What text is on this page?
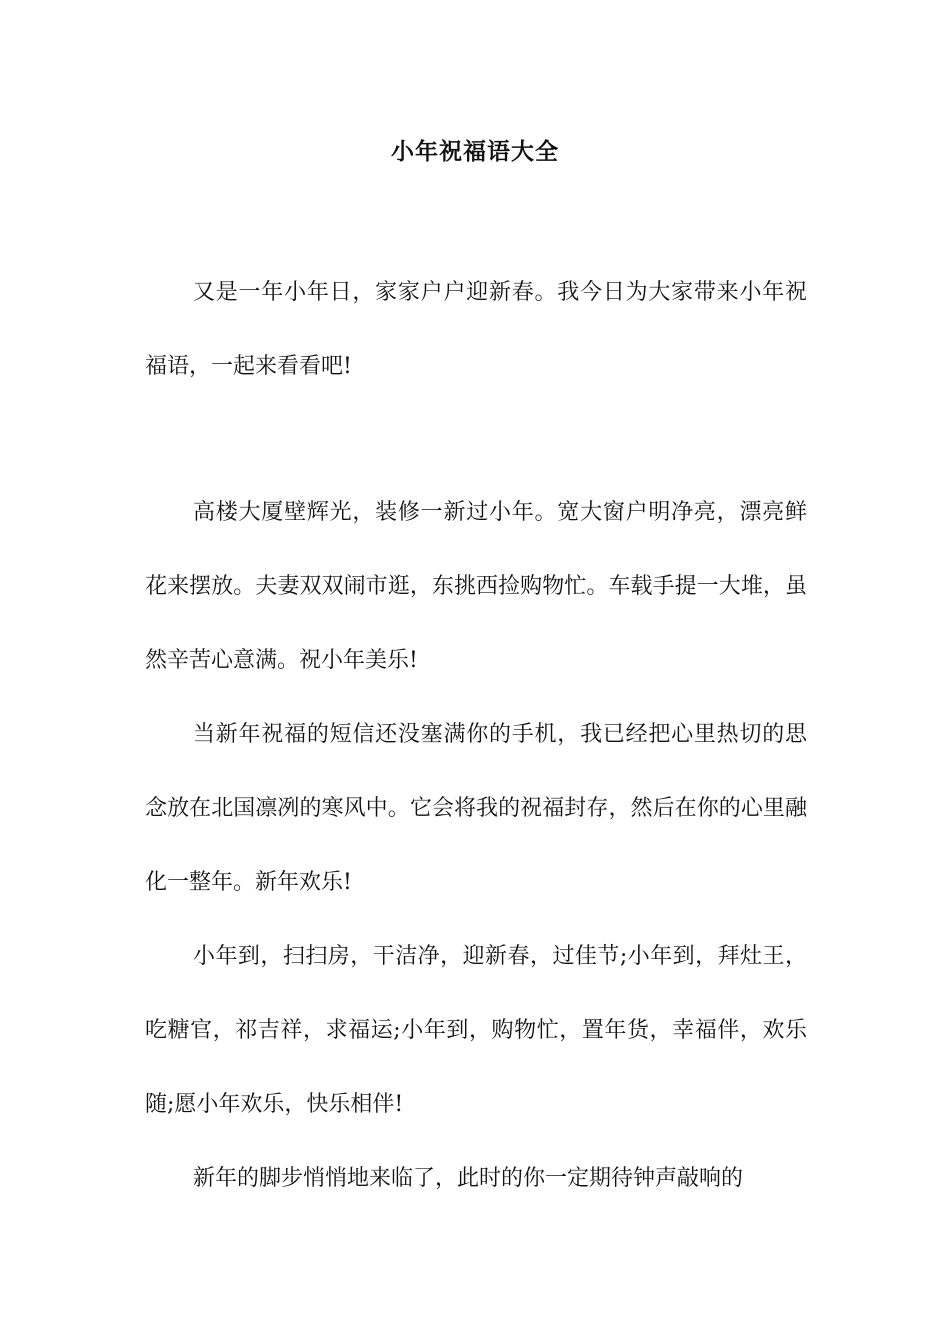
小年祝福语大全

又是一年小年日，家家户户迎新春。我今日为大家带来小年祝福语，一起来看看吧!

高楼大厦壁辉光，装修一新过小年。宽大窗户明净亮，漂亮鲜花来摆放。夫妻双双闹市逛，东挑西捡购物忙。车载手提一大堆，虽然辛苦心意满。祝小年美乐!

当新年祝福的短信还没塞满你的手机，我已经把心里热切的思念放在北国凛冽的寒风中。它会将我的祝福封存，然后在你的心里融化一整年。新年欢乐!

小年到，扫扫房，干洁净，迎新春，过佳节;小年到，拜灶王，吃糖官，祁吉祥，求福运;小年到，购物忙，置年货，幸福伴，欢乐随;愿小年欢乐，快乐相伴!

新年的脚步悄悄地来临了，此时的你一定期待钟声敲响的
